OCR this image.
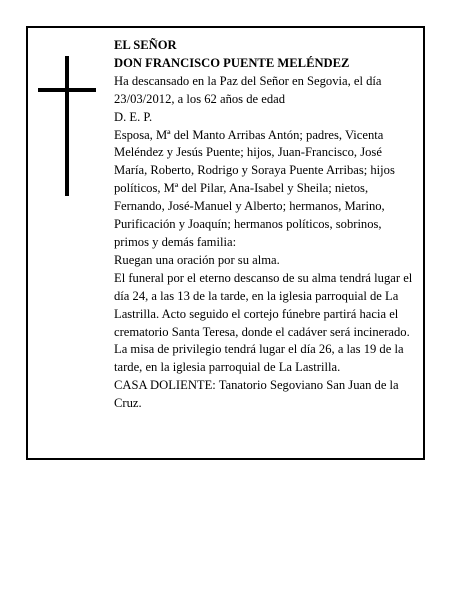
EL SEÑOR

DON FRANCISCO PUENTE MELÉNDEZ

Ha descansado en la Paz del Señor en Segovia, el día 23/03/2012, a los 62 años de edad

D. E. P.

Esposa, Mª del Manto Arribas Antón; padres, Vicenta Meléndez y Jesús Puente; hijos, Juan-Francisco, José María, Roberto, Rodrigo y Soraya Puente Arribas; hijos políticos, Mª del Pilar, Ana-Isabel y Sheila; nietos, Fernando, José-Manuel y Alberto; hermanos, Marino, Purificación y Joaquín; hermanos políticos, sobrinos, primos y demás familia:

Ruegan una oración por su alma.

El funeral por el eterno descanso de su alma tendrá lugar el día 24, a las 13 de la tarde, en la iglesia parroquial de La Lastrilla. Acto seguido el cortejo fúnebre partirá hacia el crematorio Santa Teresa, donde el cadáver será incinerado. La misa de privilegio tendrá lugar el día 26, a las 19 de la tarde, en la iglesia parroquial de La Lastrilla.

CASA DOLIENTE: Tanatorio Segoviano San Juan de la Cruz.
